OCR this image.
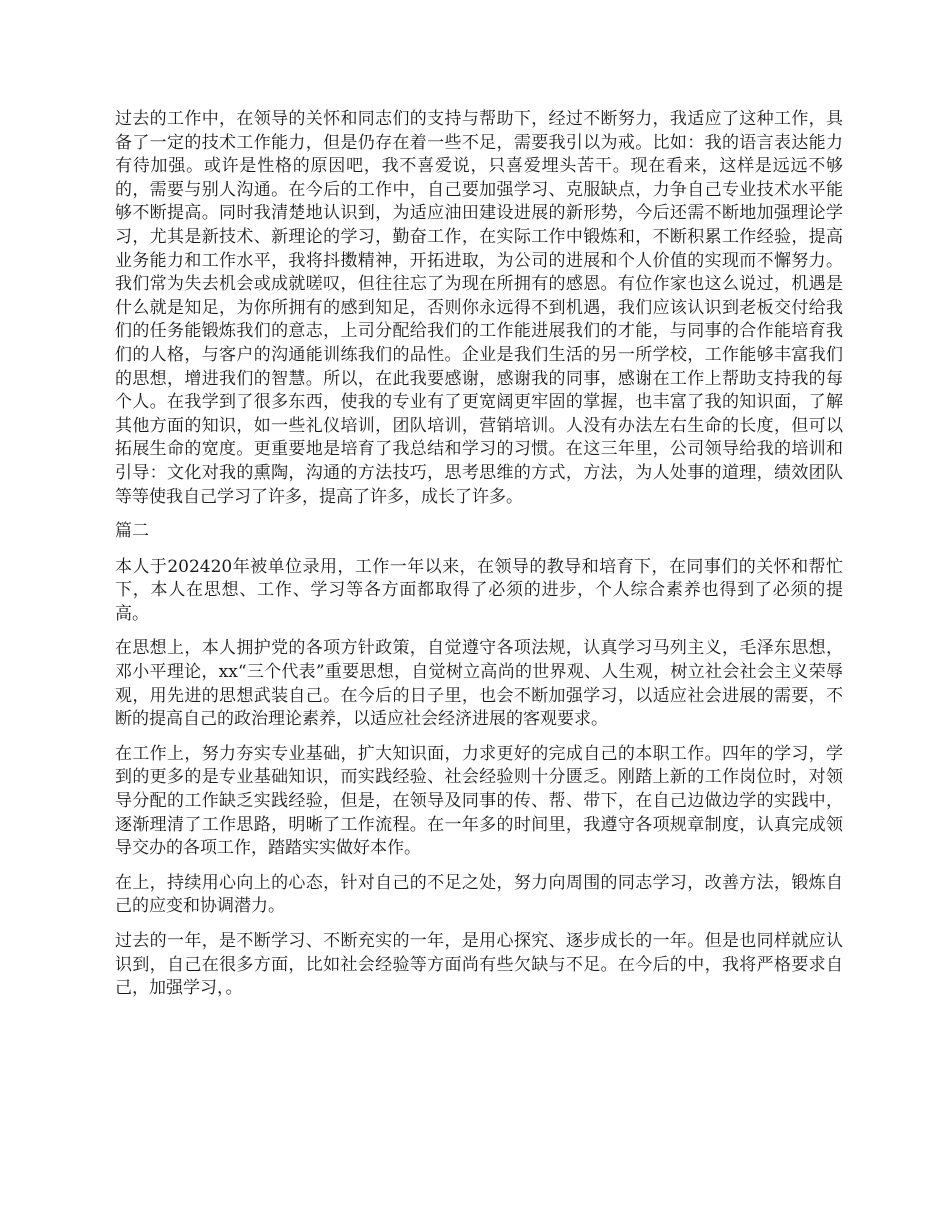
过去的工作中，在领导的关怀和同志们的支持与帮助下，经过不断努力，我适应了这种工作，具备了一定的技术工作能力，但是仍存在着一些不足，需要我引以为戒。比如：我的语言表达能力有待加强。或许是性格的原因吧，我不喜爱说，只喜爱埋头苦干。现在看来，这样是远远不够的，需要与别人沟通。在今后的工作中，自己要加强学习、克服缺点，力争自己专业技术水平能够不断提高。同时我清楚地认识到，为适应油田建设进展的新形势，今后还需不断地加强理论学习，尤其是新技术、新理论的学习，勤奋工作，在实际工作中锻炼和，不断积累工作经验，提高业务能力和工作水平，我将抖擞精神，开拓进取，为公司的进展和个人价值的实现而不懈努力。我们常为失去机会或成就嗟叹，但往往忘了为现在所拥有的感恩。有位作家也这么说过，机遇是什么就是知足，为你所拥有的感到知足，否则你永远得不到机遇，我们应该认识到老板交付给我们的任务能锻炼我们的意志，上司分配给我们的工作能进展我们的才能，与同事的合作能培育我们的人格，与客户的沟通能训练我们的品性。企业是我们生活的另一所学校，工作能够丰富我们的思想，增进我们的智慧。所以，在此我要感谢，感谢我的同事，感谢在工作上帮助支持我的每个人。在我学到了很多东西，使我的专业有了更宽阔更牢固的掌握，也丰富了我的知识面，了解其他方面的知识，如一些礼仪培训，团队培训，营销培训。人没有办法左右生命的长度，但可以拓展生命的宽度。更重要地是培育了我总结和学习的习惯。在这三年里，公司领导给我的培训和引导：文化对我的熏陶，沟通的方法技巧，思考思维的方式，方法，为人处事的道理，绩效团队等等使我自己学习了许多，提高了许多，成长了许多。

篇二

本人于202420年被单位录用，工作一年以来，在领导的教导和培育下，在同事们的关怀和帮忙下，本人在思想、工作、学习等各方面都取得了必须的进步，个人综合素养也得到了必须的提高。

在思想上，本人拥护党的各项方针政策，自觉遵守各项法规，认真学习马列主义，毛泽东思想，邓小平理论，xx“三个代表”重要思想，自觉树立高尚的世界观、人生观，树立社会社会主义荣辱观，用先进的思想武装自己。在今后的日子里，也会不断加强学习，以适应社会进展的需要，不断的提高自己的政治理论素养，以适应社会经济进展的客观要求。

在工作上，努力夯实专业基础，扩大知识面，力求更好的完成自己的本职工作。四年的学习，学到的更多的是专业基础知识，而实践经验、社会经验则十分匮乏。刚踏上新的工作岗位时，对领导分配的工作缺乏实践经验，但是，在领导及同事的传、帮、带下，在自己边做边学的实践中，逐渐理清了工作思路，明晰了工作流程。在一年多的时间里，我遵守各项规章制度，认真完成领导交办的各项工作，踏踏实实做好本作。

在上，持续用心向上的心态，针对自己的不足之处，努力向周围的同志学习，改善方法，锻炼自己的应变和协调潜力。

过去的一年，是不断学习、不断充实的一年，是用心探究、逐步成长的一年。但是也同样就应认识到，自己在很多方面，比如社会经验等方面尚有些欠缺与不足。在今后的中，我将严格要求自己，加强学习，。
